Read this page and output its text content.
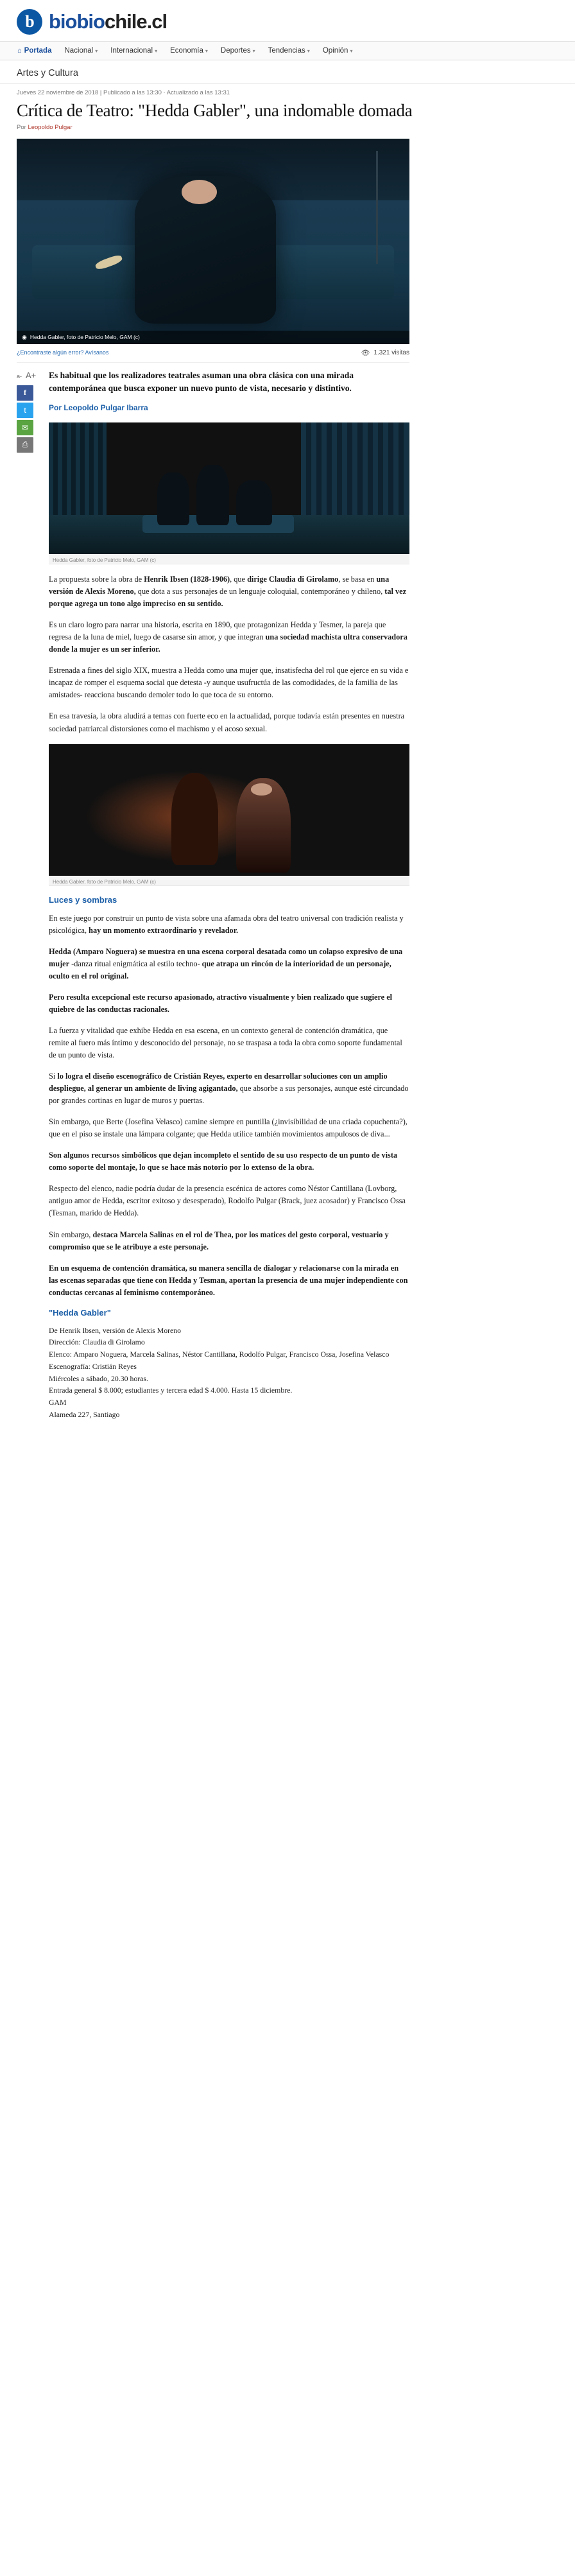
b biobiochile.cl
⌂ Portada	Nacional ▾	Internacional ▾	Economía ▾	Deportes ▾	Tendencias ▾	Opinión ▾
Artes y Cultura
Jueves 22 noviembre de 2018 | Publicado a las 13:30 · Actualizado a las 13:31
Crítica de Teatro: "Hedda Gabler", una indomable domada
Por Leopoldo Pulgar
◉ Hedda Gabler, foto de Patricio Melo, GAM (c)
¿Encontraste algún error? Avísanos	👁 1.321 visitas
a- A+
f
t
✉
⎙

Es habitual que los realizadores teatrales asuman una obra clásica con una mirada contemporánea que busca exponer un nuevo punto de vista, necesario y distintivo.

Por Leopoldo Pulgar Ibarra
Hedda Gabler, foto de Patricio Melo, GAM (c)

La propuesta sobre la obra de Henrik Ibsen (1828-1906), que dirige Claudia di Girolamo, se basa en una versión de Alexis Moreno, que dota a sus personajes de un lenguaje coloquial, contemporáneo y chileno, tal vez porque agrega un tono algo impreciso en su sentido.

Es un claro logro para narrar una historia, escrita en 1890, que protagonizan Hedda y Tesmer, la pareja que regresa de la luna de miel, luego de casarse sin amor, y que integran una sociedad machista ultra conservadora donde la mujer es un ser inferior.

Estrenada a fines del siglo XIX, muestra a Hedda como una mujer que, insatisfecha del rol que ejerce en su vida e incapaz de romper el esquema social que detesta -y aunque usufructúa de las comodidades, de la familia de las amistades- reacciona buscando demoler todo lo que toca de su entorno.

En esa travesía, la obra aludirá a temas con fuerte eco en la actualidad, porque todavía están presentes en nuestra sociedad patriarcal distorsiones como el machismo y el acoso sexual.

Hedda Gabler, foto de Patricio Melo, GAM (c)
Luces y sombras

En este juego por construir un punto de vista sobre una afamada obra del teatro universal con tradición realista y psicológica, hay un momento extraordinario y revelador.

Hedda (Amparo Noguera) se muestra en una escena corporal desatada como un colapso expresivo de una mujer -danza ritual enigmática al estilo techno- que atrapa un rincón de la interioridad de un personaje, oculto en el rol original.

Pero resulta excepcional este recurso apasionado, atractivo visualmente y bien realizado que sugiere el quiebre de las conductas racionales.

La fuerza y vitalidad que exhibe Hedda en esa escena, en un contexto general de contención dramática, que remite al fuero más íntimo y desconocido del personaje, no se traspasa a toda la obra como soporte fundamental de un punto de vista.

Si lo logra el diseño escenográfico de Cristián Reyes, experto en desarrollar soluciones con un amplio despliegue, al generar un ambiente de living agigantado, que absorbe a sus personajes, aunque esté circundado por grandes cortinas en lugar de muros y puertas.

Sin embargo, que Berte (Josefina Velasco) camine siempre en puntilla (¿invisibilidad de una criada copuchenta?), que en el piso se instale una lámpara colgante; que Hedda utilice también movimientos ampulosos de diva...

Son algunos recursos simbólicos que dejan incompleto el sentido de su uso respecto de un punto de vista como soporte del montaje, lo que se hace más notorio por lo extenso de la obra.

Respecto del elenco, nadie podría dudar de la presencia escénica de actores como Néstor Cantillana (Lovborg, antiguo amor de Hedda, escritor exitoso y desesperado), Rodolfo Pulgar (Brack, juez acosador) y Francisco Ossa (Tesman, marido de Hedda).

Sin embargo, destaca Marcela Salinas en el rol de Thea, por los matices del gesto corporal, vestuario y compromiso que se le atribuye a este personaje.

En un esquema de contención dramática, su manera sencilla de dialogar y relacionarse con la mirada en las escenas separadas que tiene con Hedda y Tesman, aportan la presencia de una mujer independiente con conductas cercanas al feminismo contemporáneo.

"Hedda Gabler"
De Henrik Ibsen, versión de Alexis Moreno
Dirección: Claudia di Girolamo
Elenco: Amparo Noguera, Marcela Salinas, Néstor Cantillana, Rodolfo Pulgar, Francisco Ossa, Josefina Velasco
Escenografía: Cristián Reyes
Miércoles a sábado, 20.30 horas.
Entrada general $ 8.000; estudiantes y tercera edad $ 4.000. Hasta 15 diciembre.
GAM
Alameda 227, Santiago
